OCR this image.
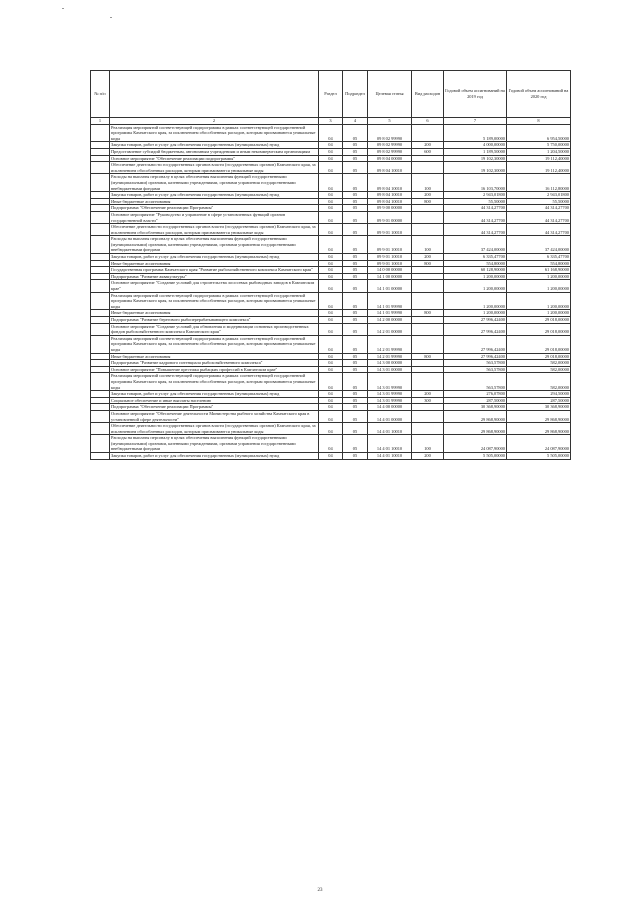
№ п/п		Раздел	Подраздел	Целевая статья	Вид расходов	Годовой объем ассигнований на 2019 год	Годовой объем ассигнований на 2020 год
1	2	3	4	5	6	7	8
	Реализация мероприятий соответствующей подпрограммы в рамках соответствующей государственной программы Камчатского края, за исключением обособленных расходов, которым присваиваются уникальные коды	04	05	09 8 02 99990		5 189,00000	6 954,50000
	Закупка товаров, работ и услуг для обеспечения государственных (муниципальных) нужд	04	05	09 8 02 99990	200	4 000,00000	5 750,00000
	Предоставление субсидий бюджетным, автономным учреждениям и иным некоммерческим организациям	04	05	09 8 02 99990	600	1 189,50000	1 204,50000
	Основное мероприятие "Обеспечение реализации подпрограммы"	04	05	09 8 04 00000		19 102,30000	19 112,40000
	Обеспечение деятельности государственных органов власти (государственных органов) Камчатского края, за исключением обособленных расходов, которым присваиваются уникальные коды	04	05	09 8 04 10010		19 102,30000	19 112,40000
	Расходы на выплаты персоналу в целях обеспечения выполнения функций государственными (муниципальными) органами, казенными учреждениями, органами управления государственными внебюджетными фондами	04	05	09 8 04 10010	100	16 103,70000	16 112,80000
	Закупка товаров, работ и услуг для обеспечения государственных (муниципальных) нужд	04	05	09 8 04 10010	200	2 943,01800	2 943,01800
	Иные бюджетные ассигнования	04	05	09 8 04 10010	800	55,50000	55,50000
	Подпрограмма "Обеспечение реализации Программы"	04	05	09 9 00 00000		44 314,27700	44 314,27700
	Основное мероприятие "Руководство и управление в сфере установленных функций органов государственной власти"	04	05	09 9 01 00000		44 314,27700	44 314,27700
	Обеспечение деятельности государственных органов власти (государственных органов) Камчатского края, за исключением обособленных расходов, которым присваиваются уникальные коды	04	05	09 9 01 10010		44 314,27700	44 314,27700
	Расходы на выплаты персоналу в целях обеспечения выполнения функций государственными (муниципальными) органами, казенными учреждениями, органами управления государственными внебюджетными фондами	04	05	09 9 01 10010	100	37 424,00000	37 424,00000
	Закупка товаров, работ и услуг для обеспечения государственных (муниципальных) нужд	04	05	09 9 01 10010	200	6 335,47700	6 335,47700
	Иные бюджетные ассигнования	04	05	09 9 01 10010	800	554,80000	554,80000
	Государственная программа Камчатского края "Развитие рыбохозяйственного комплекса Камчатского края"	04	05	14 0 00 00000		60 128,90000	61 168,90000
	Подпрограмма "Развитие аквакультуры"	04	05	14 1 00 00000		1 200,00000	1 200,00000
	Основное мероприятие "Создание условий для строительства лососевых рыбоводных заводов в Камчатском крае"	04	05	14 1 01 00000		1 200,00000	1 200,00000
	Реализация мероприятий соответствующей подпрограммы в рамках соответствующей государственной программы Камчатского края, за исключением обособленных расходов, которым присваиваются уникальные коды	04	05	14 1 01 99990		1 200,00000	1 200,00000
	Иные бюджетные ассигнования	04	05	14 1 01 99990	800	1 200,00000	1 200,00000
	Подпрограмма "Развитие берегового рыбоперерабатывающего комплекса"	04	05	14 2 00 00000		27 996,42400	29 018,00000
	Основное мероприятие "Создание условий для обновления и модернизации основных производственных фондов рыбохозяйственного комплекса Камчатского края"	04	05	14 2 01 00000		27 996,42400	29 018,00000
	Реализация мероприятий соответствующей подпрограммы в рамках соответствующей государственной программы Камчатского края, за исключением обособленных расходов, которым присваиваются уникальные коды	04	05	14 2 01 99990		27 996,42400	29 018,00000
	Иные бюджетные ассигнования	04	05	14 2 01 99990	800	27 996,42400	29 018,00000
	Подпрограмма "Развитие кадрового потенциала рыбохозяйственного комплекса"	04	05	14 3 00 00000		563,57800	582,00000
	Основное мероприятие "Повышение престижа рыбацких профессий в Камчатском крае"	04	05	14 3 01 00000		563,57800	582,00000
	Реализация мероприятий соответствующей подпрограммы в рамках соответствующей государственной программы Камчатского края, за исключением обособленных расходов, которым присваиваются уникальные коды	04	05	14 3 01 99990		563,57800	582,00000
	Закупка товаров, работ и услуг для обеспечения государственных (муниципальных) нужд	04	05	14 3 01 99990	200	276,07800	294,50000
	Социальное обеспечение и иные выплаты населению	04	05	14 3 01 99990	300	287,50000	287,50000
	Подпрограмма "Обеспечение реализации Программы"	04	05	14 4 00 00000		30 368,90000	30 368,90000
	Основное мероприятие "Обеспечение деятельности Министерства рыбного хозяйства Камчатского края в установленной сфере деятельности"	04	05	14 4 01 00000		29 868,90000	29 868,90000
	Обеспечение деятельности государственных органов власти (государственных органов) Камчатского края, за исключением обособленных расходов, которым присваиваются уникальные коды	04	05	14 4 01 10010		29 868,90000	29 868,90000
	Расходы на выплаты персоналу в целях обеспечения выполнения функций государственными (муниципальными) органами, казенными учреждениями, органами управления государственными внебюджетными фондами	04	05	14 4 01 10010	100	24 087,90000	24 087,90000
	Закупка товаров, работ и услуг для обеспечения государственных (муниципальных) нужд	04	05	14 4 01 10010	200	5 505,00000	5 505,00000
23
